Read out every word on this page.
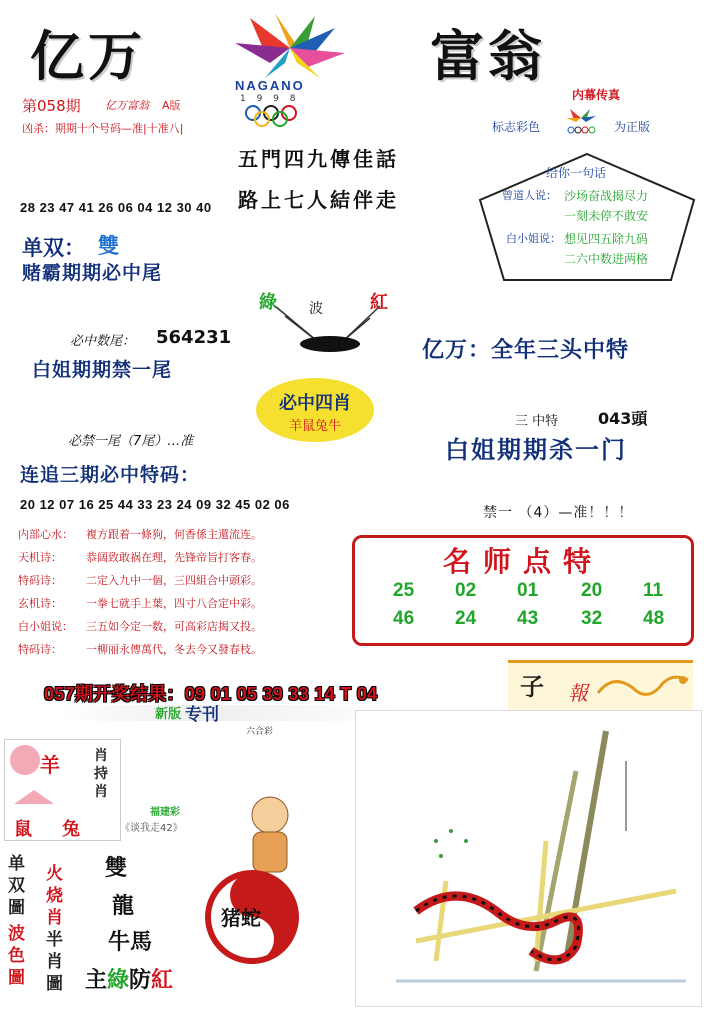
亿万	富翁
NAGANO
1 9 9 8
第058期 亿万富翁 A版
凶杀：期期十个号码—准|十准八|
内幕传真
标志彩色	为正版
五門四九傳佳話
路上七人結伴走
给你一句话
曾道人说： 沙场奋战揭尽力
一刻未停不敢安
白小姐说： 想见四五除九码
二六中数进两格
28 23 47 41 26 06 04 12 30 40
单双： 雙
赌霸期期必中尾
綠 波	紅
必中数尾： 564231
白姐期期禁一尾
亿万：全年三头中特
必中四肖
羊鼠兔牛	三 中特 043頭
白姐期期杀一门
必禁一尾（7尾）…准
连追三期必中特码：
20 12 07 16 25 44 33 23 24 09 32 45 02 06
禁一 （4）—准！！！
内部心水： 複方跟着一條狗，何香係主還流连。
天机诗： 恭阔致敢祸在理，先锋帝旨打客春。
特码诗： 二定入九中一個，三四組合中頭彩。
玄机诗： 一拳七就手上葉，四寸八合定中彩。
白小姐说： 三五如今定一数，可高彩店揭又投。
特码诗： 一柳丽永傳萬代，冬去今又發春枝。
名师点特
25 02 01 20 11
46 24 43 32 48
057期开奖结果：09 01 05 39 33 14 T 04
新版 专刊
六合彩
子 報
羊
鼠 兔
肖持肖
福建彩
《谈我走42》
单双圖
波色圖
火烧肖
半肖圖
雙
龍
牛馬
主綠防紅
猪蛇
